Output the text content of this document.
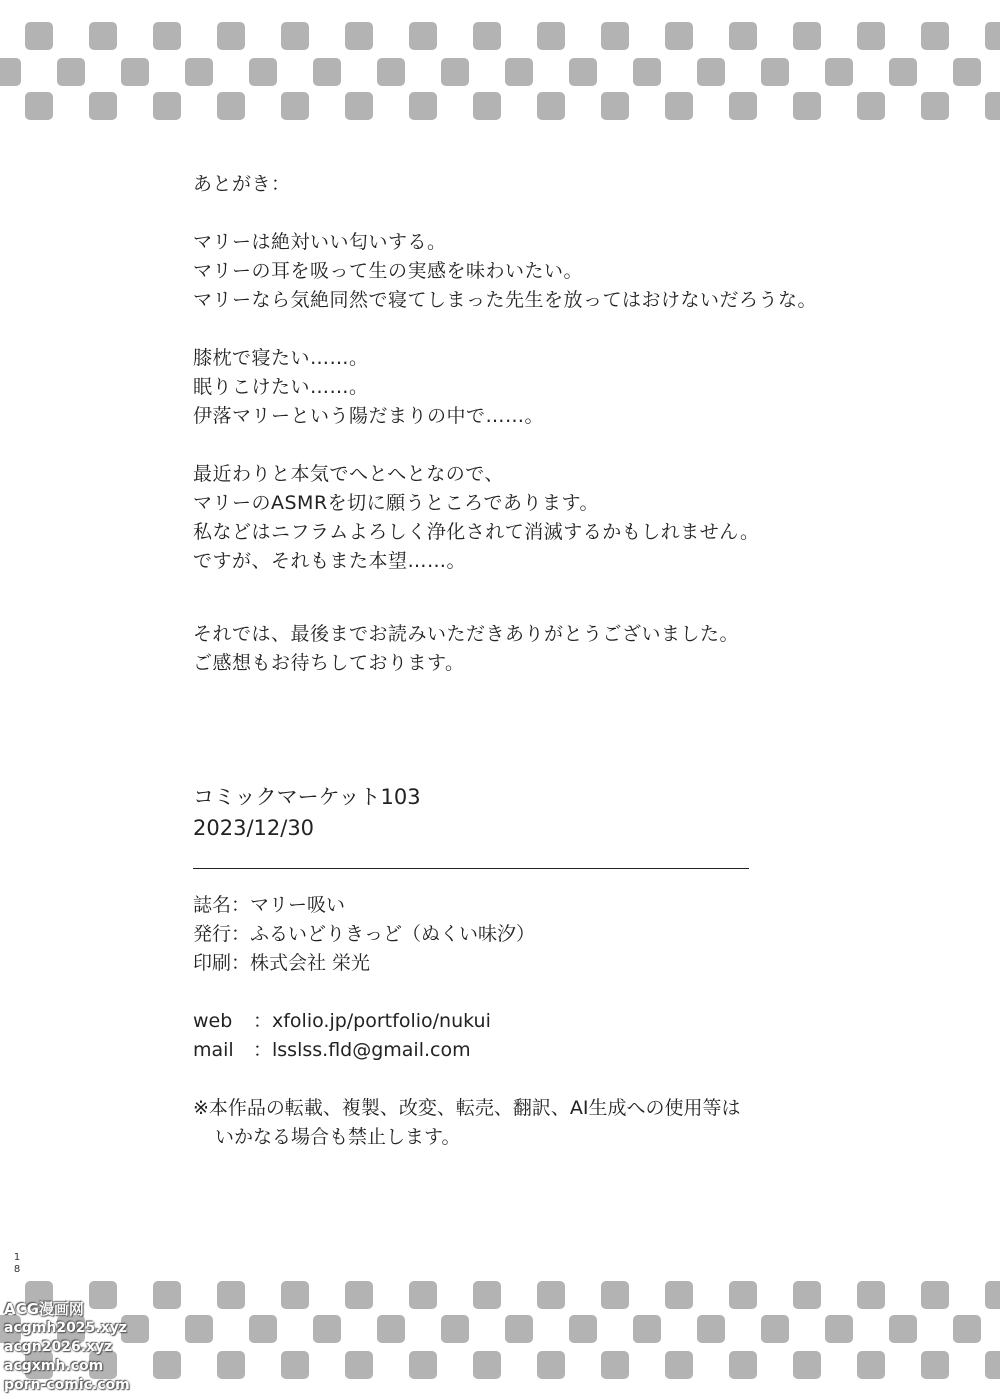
あとがき：
マリーは絶対いい匂いする。
マリーの耳を吸って生の実感を味わいたい。
マリーなら気絶同然で寝てしまった先生を放ってはおけないだろうな。
膝枕で寝たい……。
眠りこけたい……。
伊落マリーという陽だまりの中で……。
最近わりと本気でへとへとなので、
マリーのASMRを切に願うところであります。
私などはニフラムよろしく浄化されて消滅するかもしれません。
ですが、それもまた本望……。
それでは、最後までお読みいただきありがとうございました。
ご感想もお待ちしております。
コミックマーケット103
2023/12/30
誌名：マリー吸い
発行：ふるいどりきっど（ぬくい味汐）
印刷：株式会社 栄光
web	：xfolio.jp/portfolio/nukui
mail	：lsslss.fld@gmail.com
※本作品の転載、複製、改変、転売、翻訳、AI生成への使用等は
いかなる場合も禁止します。
1
8
ACG漫画网
acgmh2025.xyz
acgn2026.xyz
acgxmh.com
porn-comic.com
